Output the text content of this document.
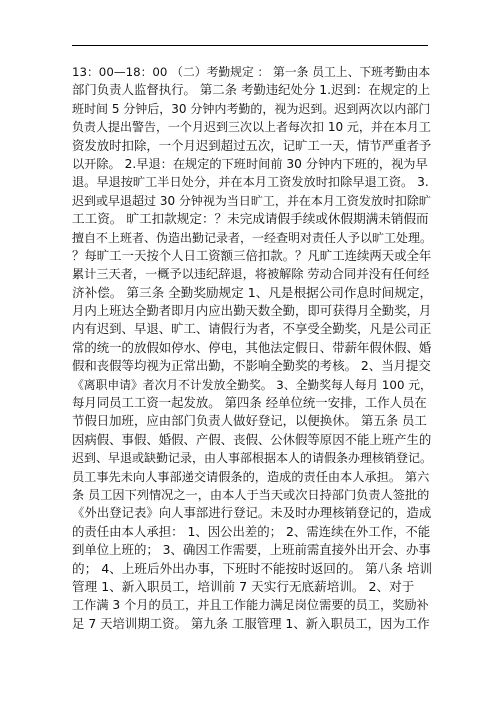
13：00—18：00 （二）考勤规定 ： 第一条 员工上、下班考勤由本
部门负责人监督执行。 第二条 考勤违纪处分 1.迟到：在规定的上
班时间 5 分钟后，30 分钟内考勤的，视为迟到。迟到两次以内部门
负责人提出警告，一个月迟到三次以上者每次扣 10 元，并在本月工
资发放时扣除，一个月迟到超过五次，记旷工一天，情节严重者予
以开除。 2.早退：在规定的下班时间前 30 分钟内下班的，视为早
退。早退按旷工半日处分，并在本月工资发放时扣除早退工资。 3.
迟到或早退超过 30 分钟视为当日旷工，并在本月工资发放时扣除旷
工工资。 旷工扣款规定：？未完成请假手续或休假期满未销假而
擅自不上班者、伪造出勤记录者，一经查明对责任人予以旷工处理。
？每旷工一天按个人日工资额三倍扣款。？凡旷工连续两天或全年
累计三天者，一概予以违纪辞退，将被解除 劳动合同并没有任何经
济补偿。 第三条 全勤奖励规定 1、凡是根据公司作息时间规定，
月内上班达全勤者即月内应出勤天数全勤，即可获得月全勤奖，月
内有迟到、早退、旷工、请假行为者，不享受全勤奖，凡是公司正
常的统一的放假如停水、停电，其他法定假日、带薪年假休假、婚
假和丧假等均视为正常出勤，不影响全勤奖的考核。 2、当月提交
《离职申请》者次月不计发放全勤奖。 3、全勤奖每人每月 100 元，
每月同员工工资一起发放。 第四条 经单位统一安排，工作人员在
节假日加班，应由部门负责人做好登记，以便换休。 第五条 员工
因病假、事假、婚假、产假、丧假、公休假等原因不能上班产生的
迟到、早退或缺勤记录，由人事部根据本人的请假条办理核销登记。
员工事先未向人事部递交请假条的，造成的责任由本人承担。 第六
条 员工因下列情况之一，由本人于当天或次日持部门负责人签批的
《外出登记表》向人事部进行登记。未及时办理核销登记的，造成
的责任由本人承担： 1、因公出差的； 2、需连续在外工作，不能
到单位上班的； 3、确因工作需要，上班前需直接外出开会、办事
的； 4、上班后外出办事，下班时不能按时返回的。 第八条 培训
管理 1、新入职员工，培训前 7 天实行无底薪培训。 2、对于
工作满 3 个月的员工，并且工作能力满足岗位需要的员工，奖励补
足 7 天培训期工资。 第九条 工服管理 1、新入职员工，因为工作
